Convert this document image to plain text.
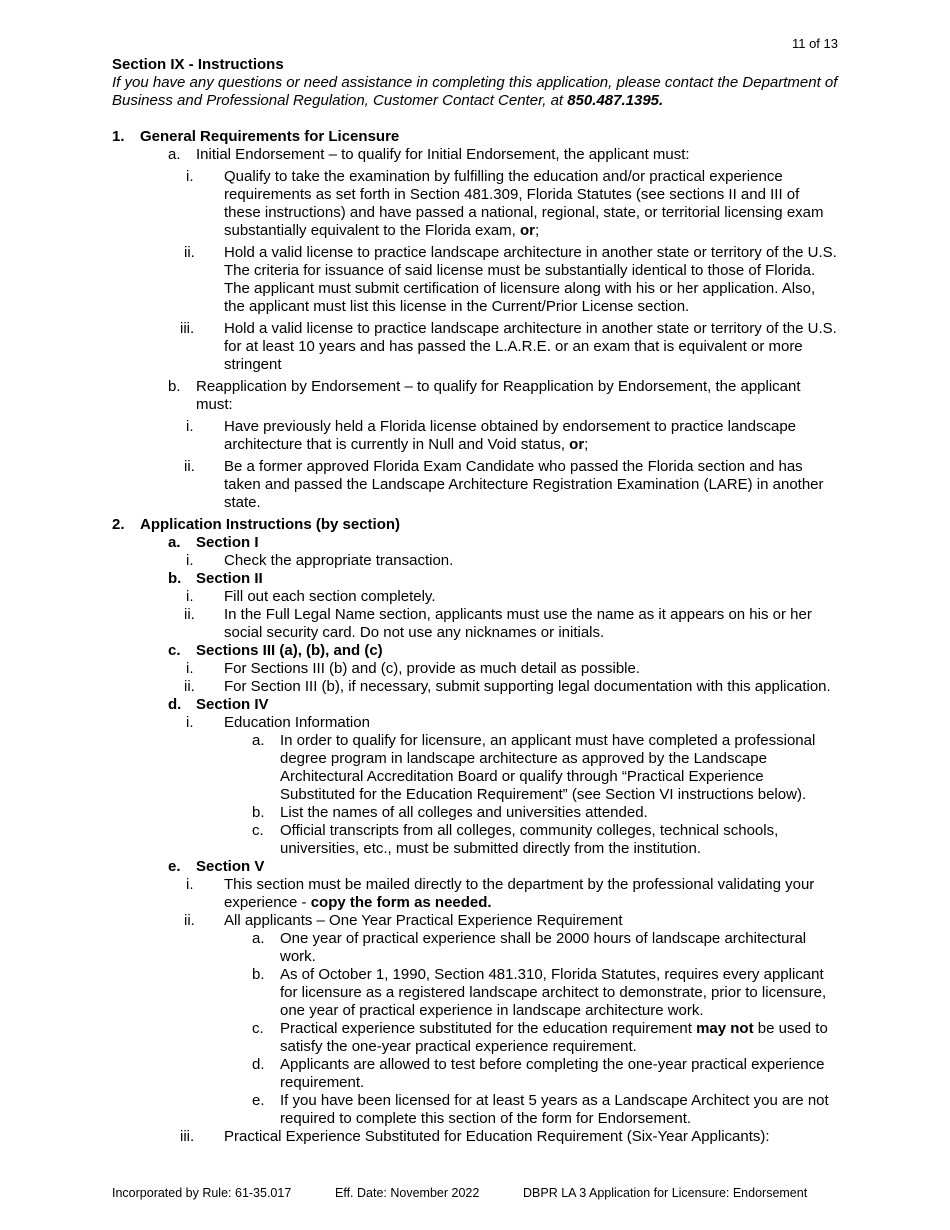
11 of 13
Section IX - Instructions
If you have any questions or need assistance in completing this application, please contact the Department of Business and Professional Regulation, Customer Contact Center, at 850.487.1395.
1.	General Requirements for Licensure
a.	Initial Endorsement – to qualify for Initial Endorsement, the applicant must:
i.	Qualify to take the examination by fulfilling the education and/or practical experience requirements as set forth in Section 481.309, Florida Statutes (see sections II and III of these instructions) and have passed a national, regional, state, or territorial licensing exam substantially equivalent to the Florida exam, or;
ii.	Hold a valid license to practice landscape architecture in another state or territory of the U.S. The criteria for issuance of said license must be substantially identical to those of Florida. The applicant must submit certification of licensure along with his or her application. Also, the applicant must list this license in the Current/Prior License section.
iii.	Hold a valid license to practice landscape architecture in another state or territory of the U.S. for at least 10 years and has passed the L.A.R.E. or an exam that is equivalent or more stringent
b.	Reapplication by Endorsement – to qualify for Reapplication by Endorsement, the applicant must:
i.	Have previously held a Florida license obtained by endorsement to practice landscape architecture that is currently in Null and Void status, or;
ii.	Be a former approved Florida Exam Candidate who passed the Florida section and has taken and passed the Landscape Architecture Registration Examination (LARE) in another state.
2.	Application Instructions (by section)
a.	Section I
i.	Check the appropriate transaction.
b. Section II
i.	Fill out each section completely.
ii.	In the Full Legal Name section, applicants must use the name as it appears on his or her social security card. Do not use any nicknames or initials.
c.	Sections III (a), (b), and (c)
i.	For Sections III (b) and (c), provide as much detail as possible.
ii.	For Section III (b), if necessary, submit supporting legal documentation with this application.
d. Section IV
i.	Education Information
a.	In order to qualify for licensure, an applicant must have completed a professional degree program in landscape architecture as approved by the Landscape Architectural Accreditation Board or qualify through “Practical Experience Substituted for the Education Requirement” (see Section VI instructions below).
b.	List the names of all colleges and universities attended.
c.	Official transcripts from all colleges, community colleges, technical schools, universities, etc., must be submitted directly from the institution.
e.	Section V
i.	This section must be mailed directly to the department by the professional validating your experience - copy the form as needed.
ii.	All applicants – One Year Practical Experience Requirement
a.	One year of practical experience shall be 2000 hours of landscape architectural work.
b.	As of October 1, 1990, Section 481.310, Florida Statutes, requires every applicant for licensure as a registered landscape architect to demonstrate, prior to licensure, one year of practical experience in landscape architecture work.
c.	Practical experience substituted for the education requirement may not be used to satisfy the one-year practical experience requirement.
d.	Applicants are allowed to test before completing the one-year practical experience requirement.
e.	If you have been licensed for at least 5 years as a Landscape Architect you are not required to complete this section of the form for Endorsement.
iii.	Practical Experience Substituted for Education Requirement (Six-Year Applicants):
Incorporated by Rule: 61-35.017	Eff. Date: November 2022	DBPR LA 3 Application for Licensure: Endorsement
